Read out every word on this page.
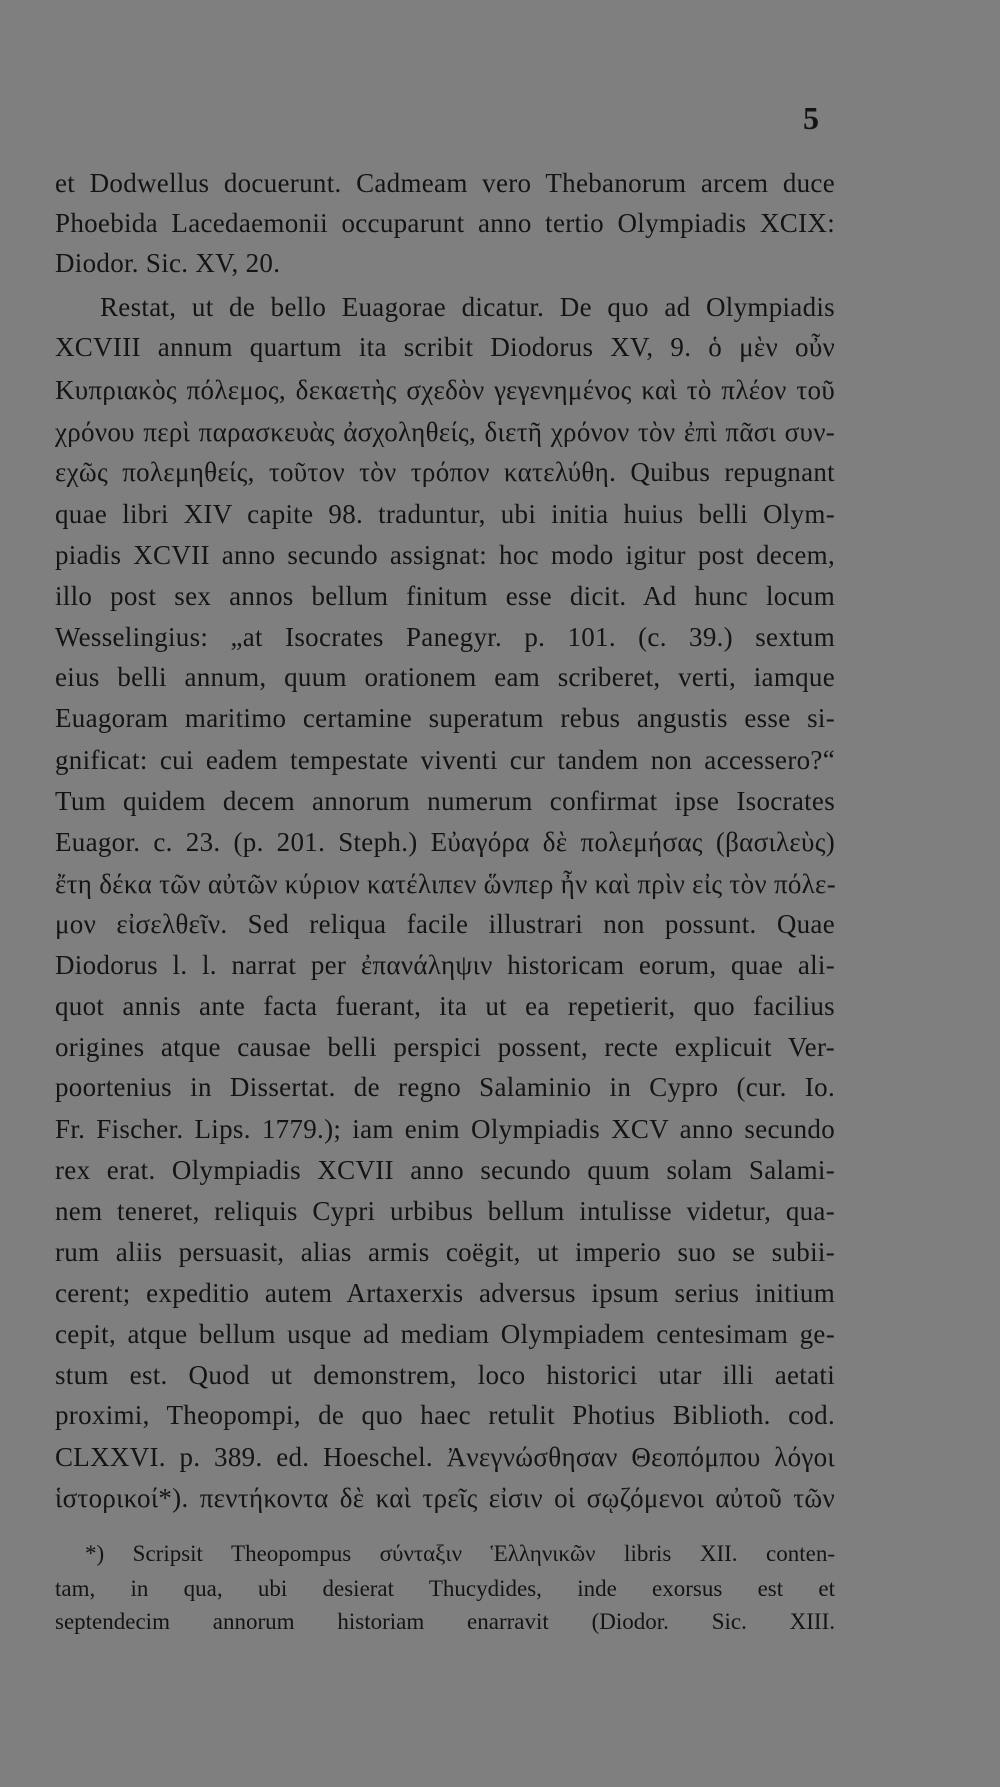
5
et Dodwellus docuerunt. Cadmeam vero Thebanorum arcem duce
Phoebida Lacedaemonii occuparunt anno tertio Olympiadis XCIX:
Diodor. Sic. XV, 20.
Restat, ut de bello Euagorae dicatur. De quo ad Olympiadis
XCVIII annum quartum ita scribit Diodorus XV, 9. ὁ μὲν οὖν
Κυπριακὸς πόλεμος, δεκαετὴς σχεδὸν γεγενημένος καὶ τὸ πλέον τοῦ
χρόνου περὶ παρασκευὰς ἀσχοληθείς, διετῆ χρόνον τὸν ἐπὶ πᾶσι συν-
εχῶς πολεμηθείς, τοῦτον τὸν τρόπον κατελύθη. Quibus repugnant
quae libri XIV capite 98. traduntur, ubi initia huius belli Olym-
piadis XCVII anno secundo assignat: hoc modo igitur post decem,
illo post sex annos bellum finitum esse dicit. Ad hunc locum
Wesselingius: „at Isocrates Panegyr. p. 101. (c. 39.) sextum
eius belli annum, quum orationem eam scriberet, verti, iamque
Euagoram maritimo certamine superatum rebus angustis esse si-
gnificat: cui eadem tempestate viventi cur tandem non accessero?“
Tum quidem decem annorum numerum confirmat ipse Isocrates
Euagor. c. 23. (p. 201. Steph.) Εὐαγόρα δὲ πολεμήσας (βασιλεὺς)
ἔτη δέκα τῶν αὐτῶν κύριον κατέλιπεν ὥνπερ ἦν καὶ πρὶν εἰς τὸν πόλε-
μον εἰσελθεῖν. Sed reliqua facile illustrari non possunt. Quae
Diodorus l. l. narrat per ἐπανάληψιν historicam eorum, quae ali-
quot annis ante facta fuerant, ita ut ea repetierit, quo facilius
origines atque causae belli perspici possent, recte explicuit Ver-
poortenius in Dissertat. de regno Salaminio in Cypro (cur. Io.
Fr. Fischer. Lips. 1779.); iam enim Olympiadis XCV anno secundo
rex erat. Olympiadis XCVII anno secundo quum solam Salami-
nem teneret, reliquis Cypri urbibus bellum intulisse videtur, qua-
rum aliis persuasit, alias armis coëgit, ut imperio suo se subii-
cerent; expeditio autem Artaxerxis adversus ipsum serius initium
cepit, atque bellum usque ad mediam Olympiadem centesimam ge-
stum est. Quod ut demonstrem, loco historici utar illi aetati
proximi, Theopompi, de quo haec retulit Photius Biblioth. cod.
CLXXVI. p. 389. ed. Hoeschel. Ἀνεγνώσθησαν Θεοπόμπου λόγοι
ἱστορικοί*). πεντήκοντα δὲ καὶ τρεῖς εἰσιν οἱ σῳζόμενοι αὐτοῦ τῶν
*) Scripsit Theopompus σύνταξιν Ἑλληνικῶν libris XII. conten-
tam, in qua, ubi desierat Thucydides, inde exorsus est et
septendecim annorum historiam enarravit (Diodor. Sic. XIII.
